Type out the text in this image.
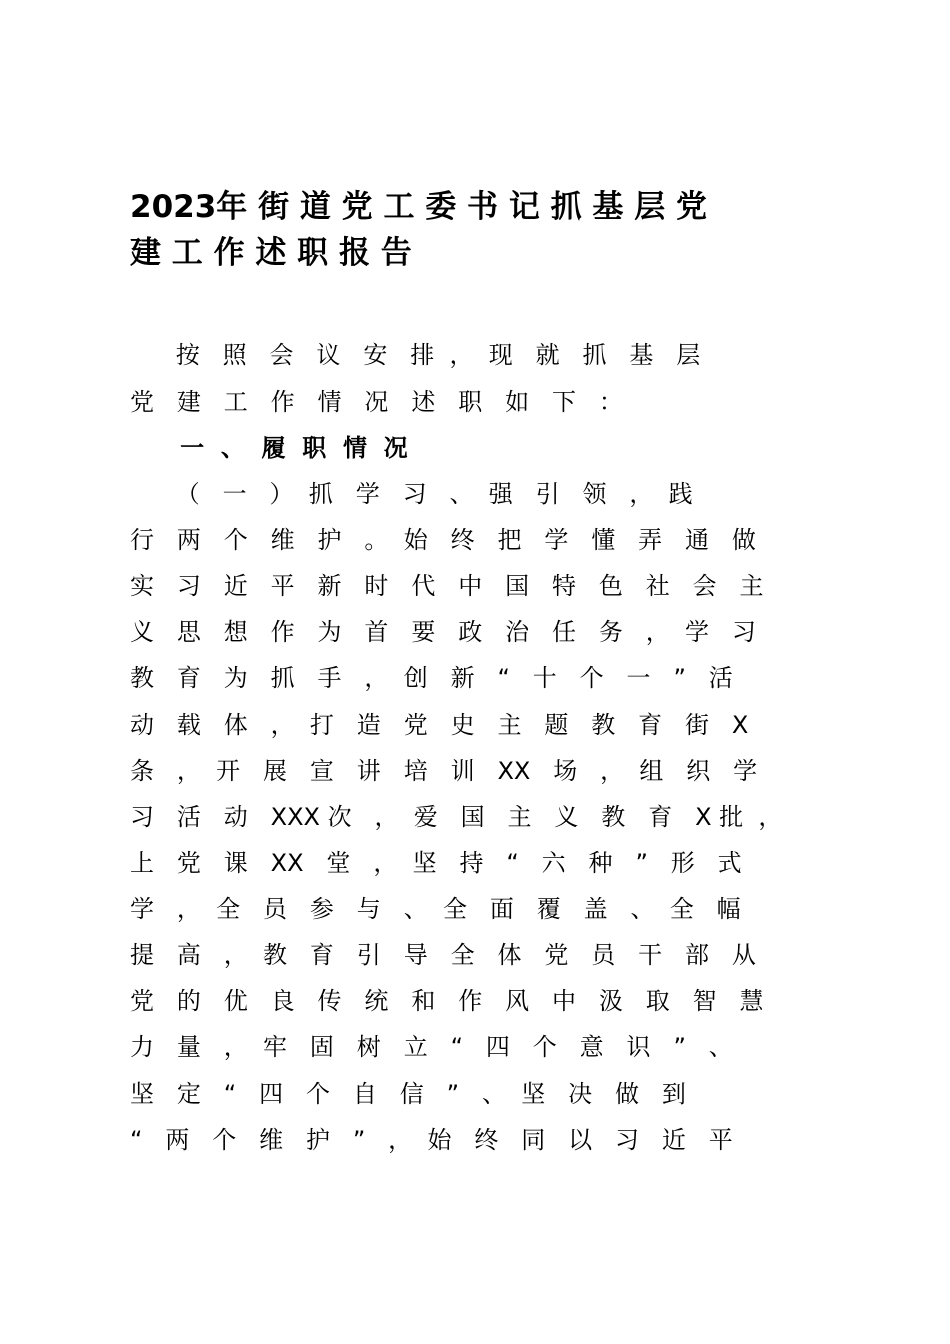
2023年 街 道 党 工 委 书 记 抓 基 层 党
建 工 作 述 职 报 告
按   照   会   议   安   排  ，  现   就   抓   基   层
党   建   工   作   情   况   述   职   如   下   ：
一  、  履  职  情  况
（   一   ）  抓   学   习   、  强   引   领   ，  践
行   两   个   维   护   。  始   终   把   学   懂   弄   通   做
实   习   近   平   新   时   代   中   国   特   色   社   会   主
义   思   想   作   为   首   要   政   治   任   务   ，  学   习
教   育   为   抓   手   ，  创   新   “   十   个   一   ”   活
动   载   体   ，  打   造   党   史   主   题   教   育   街   X
条   ，  开   展   宣   讲   培   训   XX   场   ，  组   织   学
习   活   动   XXX 次   ，  爱   国   主   义   教   育   X 批  ，
上   党   课   XX   堂   ，  坚   持   “   六   种   ”   形   式
学   ，  全   员   参   与   、  全   面   覆   盖   、  全   幅
提   高   ，  教   育   引   导   全   体   党   员   干   部   从
党   的   优   良   传   统   和   作   风   中   汲   取   智   慧
力   量   ，  牢   固   树   立   “   四   个   意   识   ”   、
坚   定   “   四   个   自   信   ”   、  坚   决   做   到
“   两   个   维   护   ”   ，  始   终   同   以   习   近   平
